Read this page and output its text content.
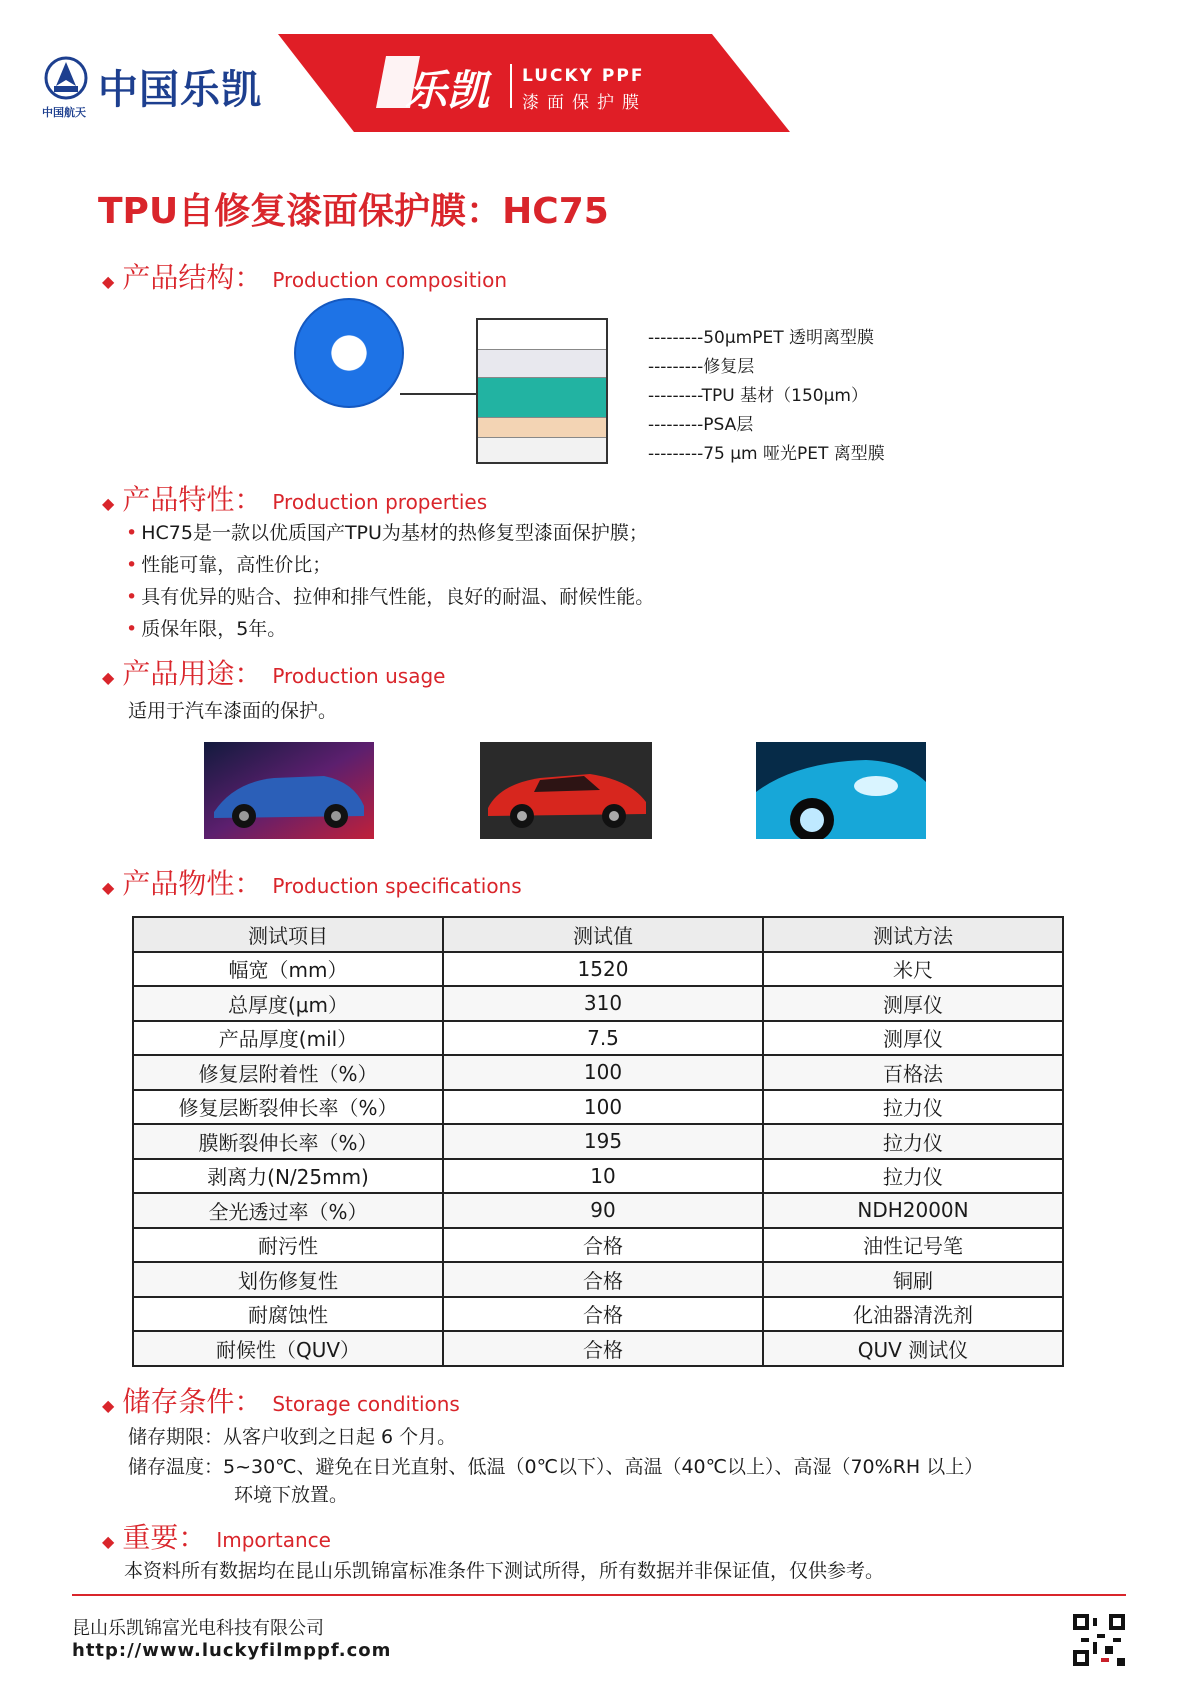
中国航天 中国乐凯	乐凯 LUCKY PPF
漆面保护膜
TPU自修复漆面保护膜：HC75
◆ 产品结构： Production composition
---------50μmPET 透明离型膜
---------修复层
---------TPU 基材（150μm）
---------PSA层
---------75 μm 哑光PET 离型膜
◆ 产品特性： Production properties
• HC75是一款以优质国产TPU为基材的热修复型漆面保护膜；
• 性能可靠，高性价比；
• 具有优异的贴合、拉伸和排气性能，良好的耐温、耐候性能。
• 质保年限，5年。
◆ 产品用途： Production usage
适用于汽车漆面的保护。
◆ 产品物性： Production specifications
测试项目	测试值	测试方法
幅宽（mm）	1520	米尺
总厚度(μm）	310	测厚仪
产品厚度(mil）	7.5	测厚仪
修复层附着性（%）	100	百格法
修复层断裂伸长率（%）	100	拉力仪
膜断裂伸长率（%）	195	拉力仪
剥离力(N/25mm)	10	拉力仪
全光透过率（%）	90	NDH2000N
耐污性	合格	油性记号笔
划伤修复性	合格	铜刷
耐腐蚀性	合格	化油器清洗剂
耐候性（QUV）	合格	QUV 测试仪
◆ 储存条件： Storage conditions
储存期限：从客户收到之日起 6 个月。
储存温度：5~30℃、避免在日光直射、低温（0℃以下）、高温（40℃以上）、高湿（70%RH 以上）
环境下放置。
◆ 重要： Importance
本资料所有数据均在昆山乐凯锦富标准条件下测试所得，所有数据并非保证值，仅供参考。
昆山乐凯锦富光电科技有限公司
http://www.luckyfilmppf.com
